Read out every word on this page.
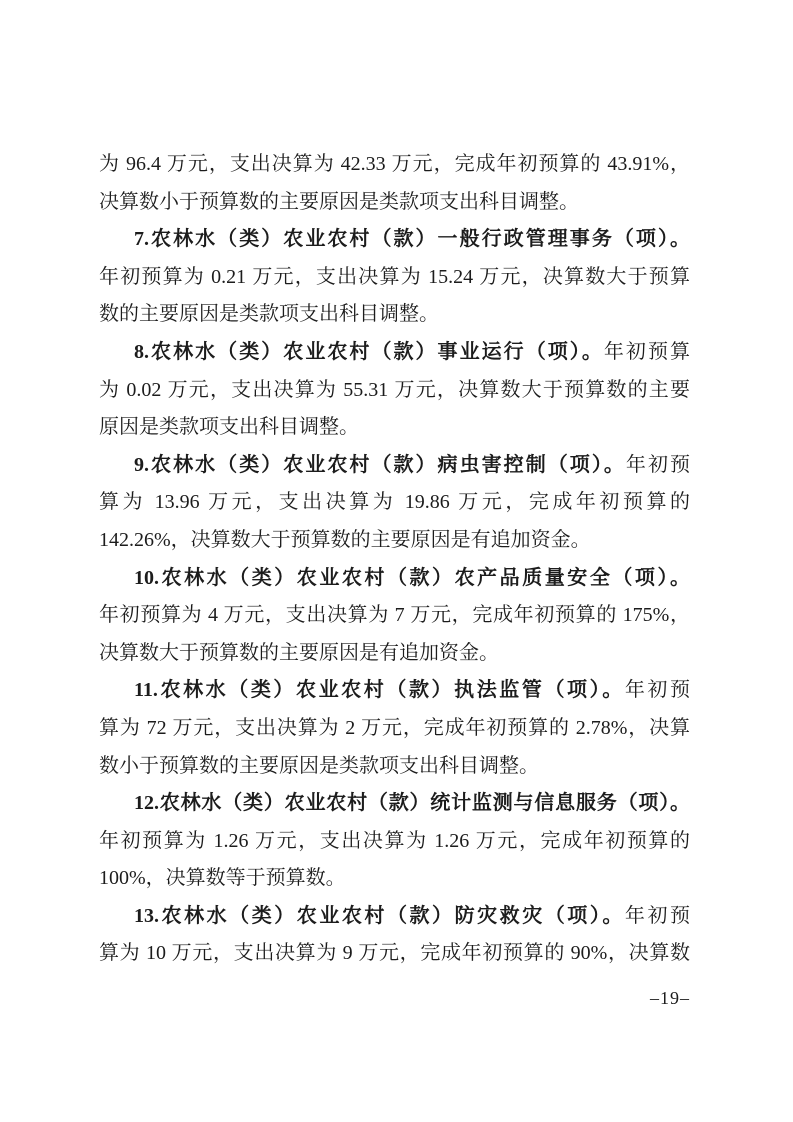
为 96.4 万元，支出决算为 42.33 万元，完成年初预算的 43.91%，
决算数小于预算数的主要原因是类款项支出科目调整。
7.农林水（类）农业农村（款）一般行政管理事务（项）。
年初预算为 0.21 万元，支出决算为 15.24 万元，决算数大于预算
数的主要原因是类款项支出科目调整。
8.农林水（类）农业农村（款）事业运行（项）。年初预算
为 0.02 万元，支出决算为 55.31 万元，决算数大于预算数的主要
原因是类款项支出科目调整。
9.农林水（类）农业农村（款）病虫害控制（项）。年初预
算为 13.96 万元，支出决算为 19.86 万元，完成年初预算的
142.26%，决算数大于预算数的主要原因是有追加资金。
10.农林水（类）农业农村（款）农产品质量安全（项）。
年初预算为 4 万元，支出决算为 7 万元，完成年初预算的 175%，
决算数大于预算数的主要原因是有追加资金。
11.农林水（类）农业农村（款）执法监管（项）。年初预
算为 72 万元，支出决算为 2 万元，完成年初预算的 2.78%，决算
数小于预算数的主要原因是类款项支出科目调整。
12.农林水（类）农业农村（款）统计监测与信息服务（项）。
年初预算为 1.26 万元，支出决算为 1.26 万元，完成年初预算的
100%，决算数等于预算数。
13.农林水（类）农业农村（款）防灾救灾（项）。年初预
算为 10 万元，支出决算为 9 万元，完成年初预算的 90%，决算数
–19–
